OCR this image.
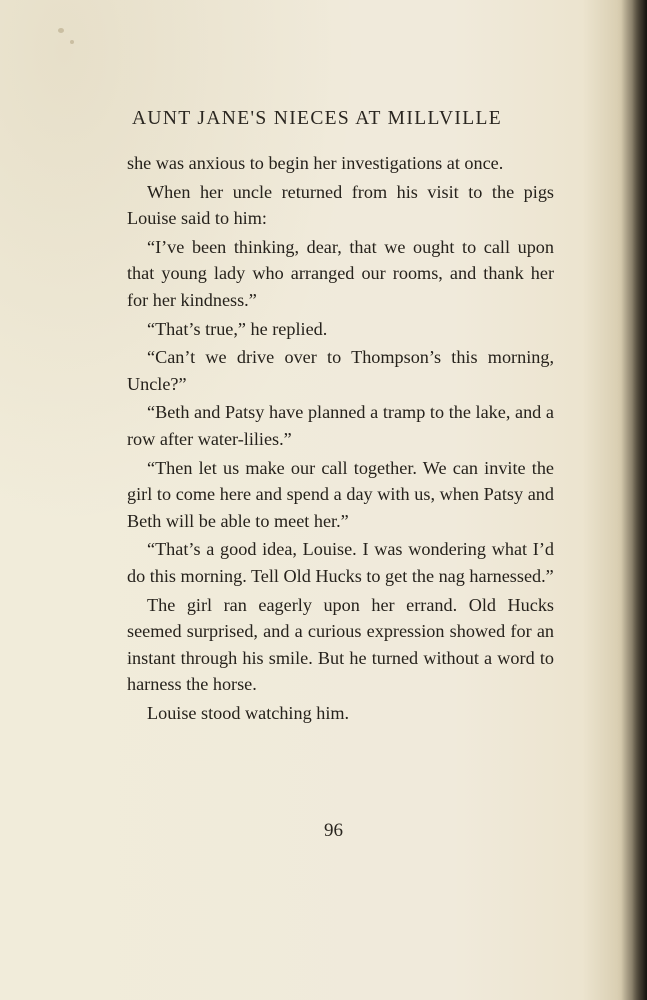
AUNT JANE'S NIECES AT MILLVILLE

she was anxious to begin her investigations at once.

When her uncle returned from his visit to the pigs Louise said to him:

“I’ve been thinking, dear, that we ought to call upon that young lady who arranged our rooms, and thank her for her kindness.”

“That’s true,” he replied.

“Can’t we drive over to Thompson’s this morning, Uncle?”

“Beth and Patsy have planned a tramp to the lake, and a row after water-lilies.”

“Then let us make our call together. We can invite the girl to come here and spend a day with us, when Patsy and Beth will be able to meet her.”

“That’s a good idea, Louise. I was wondering what I’d do this morning. Tell Old Hucks to get the nag harnessed.”

The girl ran eagerly upon her errand. Old Hucks seemed surprised, and a curious expression showed for an instant through his smile. But he turned without a word to harness the horse.

Louise stood watching him.

96
